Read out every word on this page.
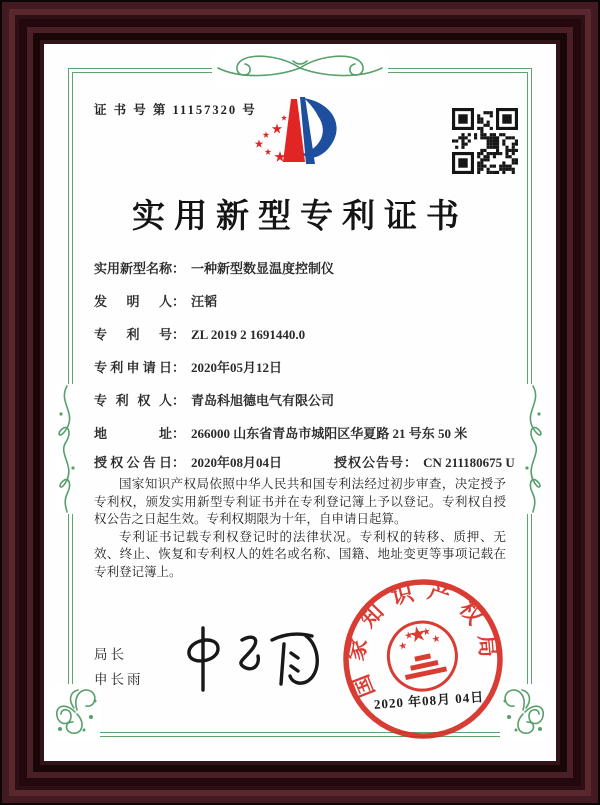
证 书 号 第 11157320 号
实用新型专利证书
实用新型名称： 一种新型数显温度控制仪
发明人： 汪韬
专利号： ZL 2019 2 1691440.0
专利申请日： 2020年05月12日
专利权人： 青岛科旭德电气有限公司
地址： 266000 山东省青岛市城阳区华夏路 21 号东 50 米
授权公告日： 2020年08月04日	授权公告号： CN 211180675 U

国家知识产权局依照中华人民共和国专利法经过初步审查，决定授予专利权，颁发实用新型专利证书并在专利登记簿上予以登记。专利权自授权公告之日起生效。专利权期限为十年，自申请日起算。

专利证书记载专利权登记时的法律状况。专利权的转移、质押、无效、终止、恢复和专利权人的姓名或名称、国籍、地址变更等事项记载在专利登记簿上。

局长
申长雨	国家知识产权局
2020 年08月 04日
